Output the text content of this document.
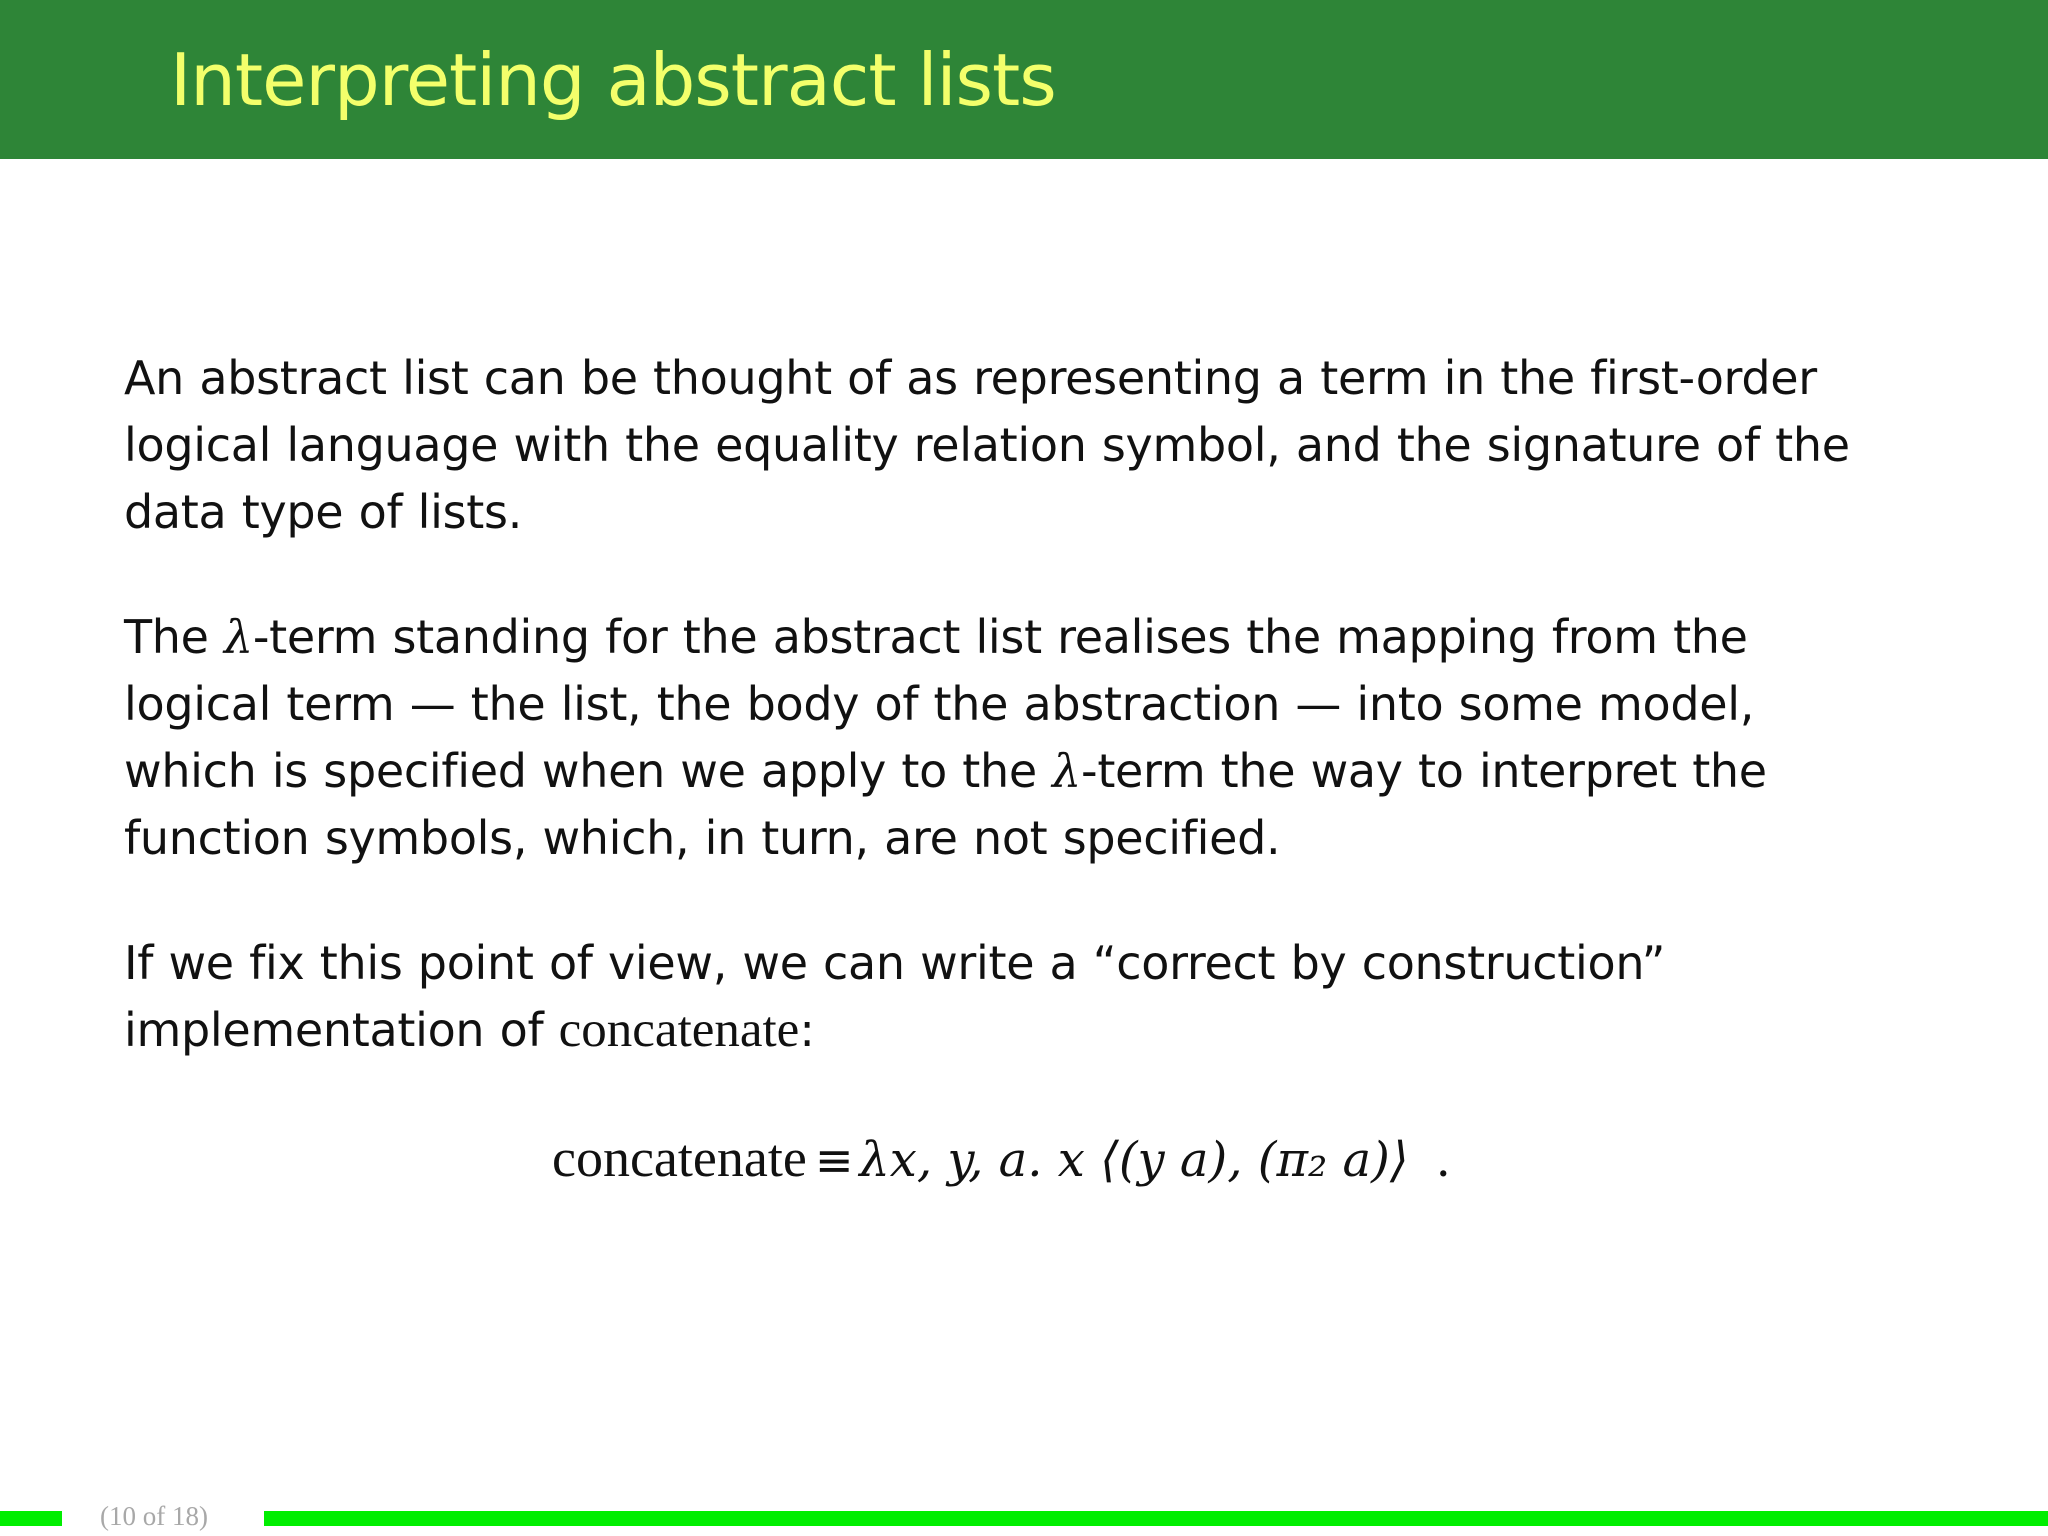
Interpreting abstract lists

An abstract list can be thought of as representing a term in the first-order
logical language with the equality relation symbol, and the signature of the
data type of lists.

The λ-term standing for the abstract list realises the mapping from the
logical term — the list, the body of the abstraction — into some model,
which is specified when we apply to the λ-term the way to interpret the
function symbols, which, in turn, are not specified.

If we fix this point of view, we can write a “correct by construction”
implementation of concatenate:

concatenate ≡ λx, y, a. x ⟨(y a), (π₂ a)⟩ .
(10 of 18)
